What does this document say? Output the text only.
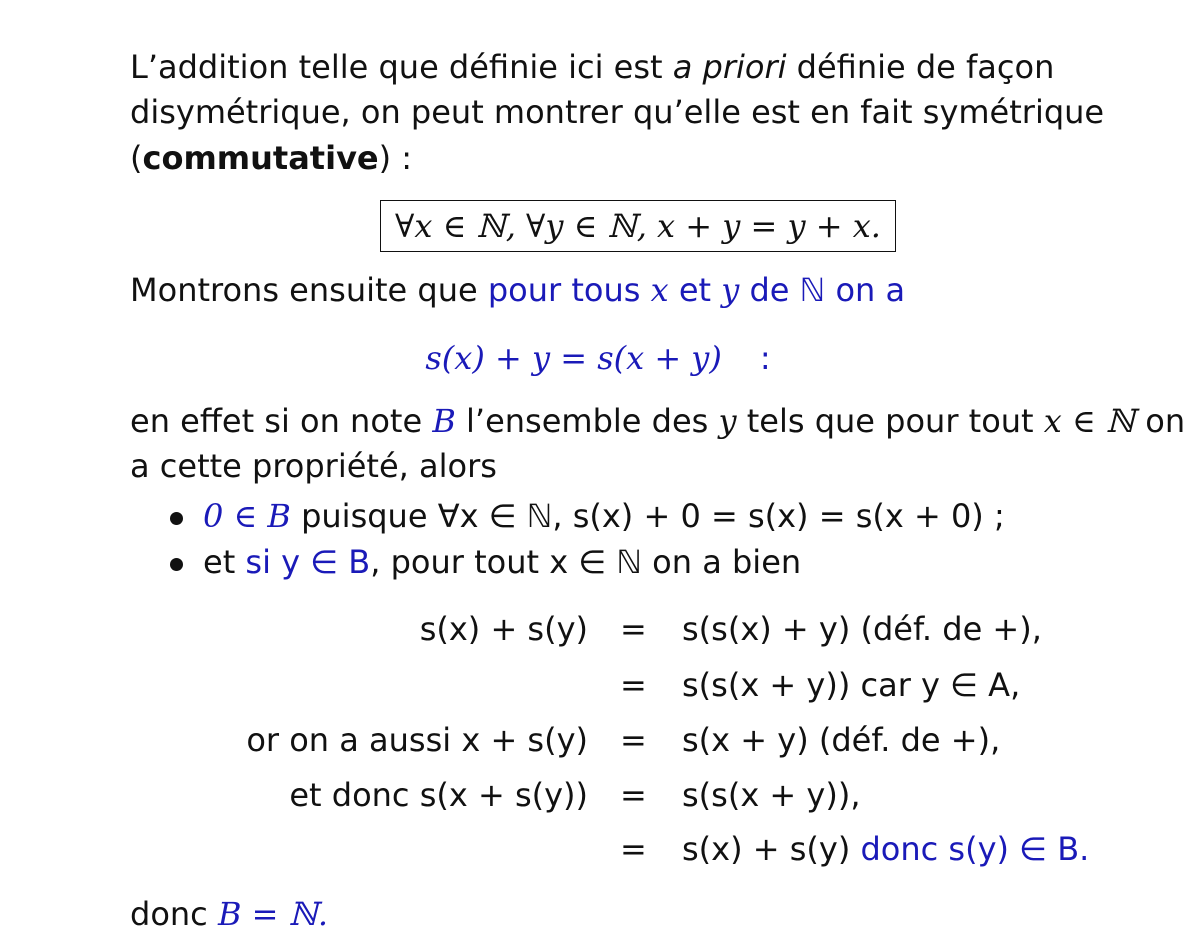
L’addition telle que définie ici est a priori définie de façon
disymétrique, on peut montrer qu’elle est en fait symétrique
(commutative) :
∀x ∈ ℕ, ∀y ∈ ℕ, x + y = y + x.
Montrons ensuite que pour tous x et y de ℕ on a
s(x) + y = s(x + y) :
en effet si on note B l’ensemble des y tels que pour tout x ∈ ℕ on
a cette propriété, alors
0 ∈ B puisque ∀x ∈ ℕ, s(x) + 0 = s(x) = s(x + 0) ;
et si y ∈ B, pour tout x ∈ ℕ on a bien
s(x) + s(y) = s(s(x) + y) (déf. de +),
= s(s(x + y)) car y ∈ A,
or on a aussi x + s(y) = s(x + y) (déf. de +),
et donc s(x + s(y)) = s(s(x + y)),
= s(x) + s(y) donc s(y) ∈ B.
donc B = ℕ.
